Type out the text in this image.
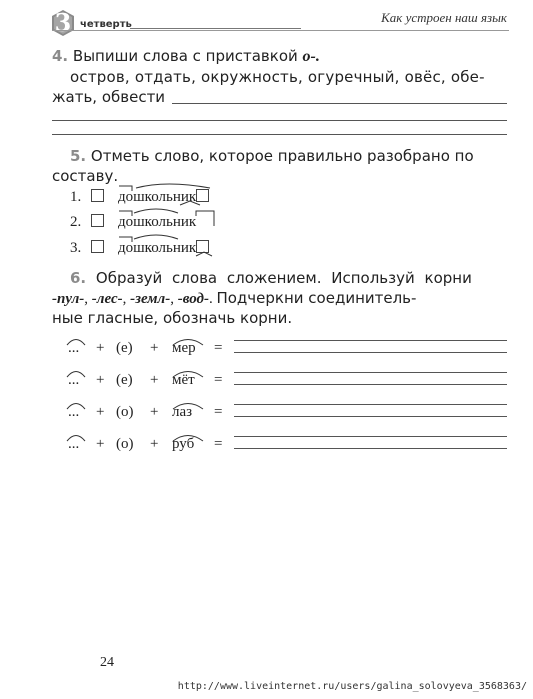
3 четверть	Как устроен наш язык
4. Выпиши слова с приставкой о-.
остров, отдать, окружность, огуречный, овёс, обе-
жать, обвести
5. Отметь слово, которое правильно разобрано по
составу.
1.	дошкольник
2.	дошкольник
3.	дошкольник
6. Образуй слова сложением. Используй корни
-пул-, -лес-, -земл-, -вод-. Подчеркни соединитель-
ные гласные, обозначь корни.
... + (е) + мер =
... + (е) + мёт =
... + (о) + лаз =
... + (о) + руб =
24
http://www.liveinternet.ru/users/galina_solovyeva_3568363/
